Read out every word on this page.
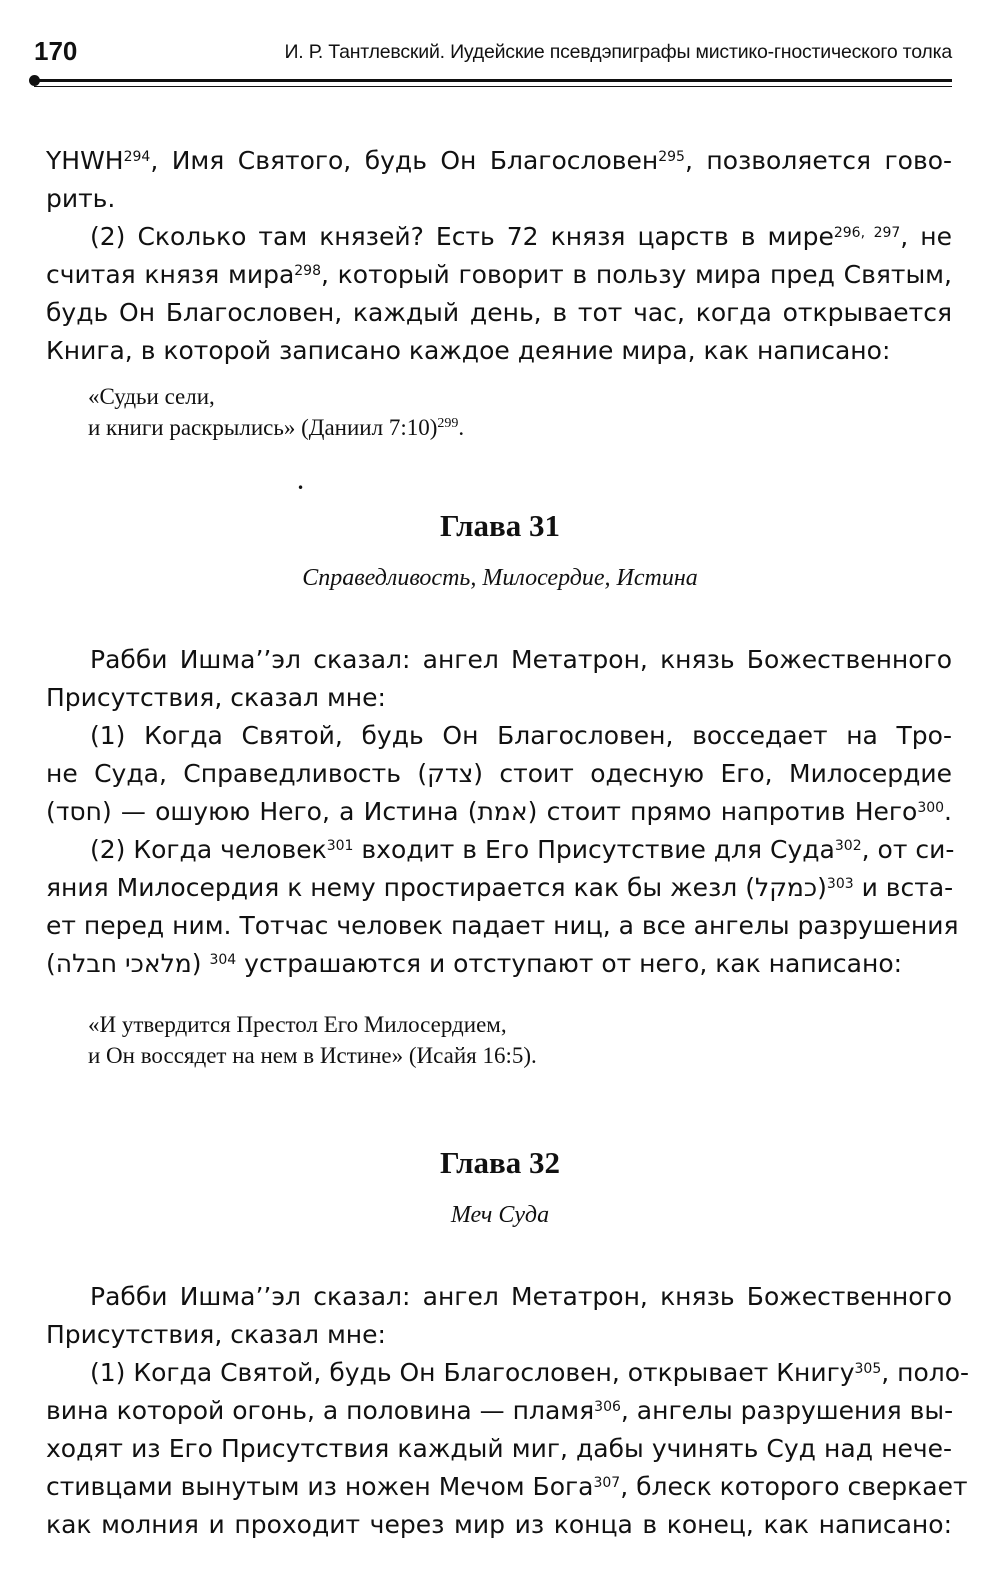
170	И. Р. Тантлевский. Иудейские псевдэпиграфы мистико-гностического толка
YHWH$^{294}$, Имя Святого, будь Он Благословен$^{295}$, позволяется гово-
рить.
(2) Сколько там князей? Есть 72 князя царств в мире$^{296, 297}$, не
считая князя мира$^{298}$, который говорит в пользу мира пред Святым,
будь Он Благословен, каждый день, в тот час, когда открывается
Книга, в которой записано каждое деяние мира, как написано:
«Судьи сели,
и книги раскрылись» (Даниил 7:10)$^{299}$.
•
Глава 31
Справедливость, Милосердие, Истина
Рабби Ишма’’эл сказал: ангел Метатрон, князь Божественного
Присутствия, сказал мне:
(1) Когда Святой, будь Он Благословен, восседает на Тро-
не Суда, Справедливость (צדק) стоит одесную Его, Милосердие
(חסד) — ошуюю Него, а Истина (אמת) стоит прямо напротив Него$^{300}$.
(2) Когда человек$^{301}$ входит в Его Присутствие для Суда$^{302}$, от си-
яния Милосердия к нему простирается как бы жезл (כמקל)$^{303}$ и вста-
ет перед ним. Тотчас человек падает ниц, а все ангелы разрушения
(מלאכי חבלה) $^{304}$ устрашаются и отступают от него, как написано:
«И утвердится Престол Его Милосердием,
и Он воссядет на нем в Истине» (Исайя 16:5).
Глава 32
Меч Суда
Рабби Ишма’’эл сказал: ангел Метатрон, князь Божественного
Присутствия, сказал мне:
(1) Когда Святой, будь Он Благословен, открывает Книгу$^{305}$, поло-
вина которой огонь, а половина — пламя$^{306}$, ангелы разрушения вы-
ходят из Его Присутствия каждый миг, дабы учинять Суд над нече-
стивцами вынутым из ножен Мечом Бога$^{307}$, блеск которого сверкает
как молния и проходит через мир из конца в конец, как написано:
